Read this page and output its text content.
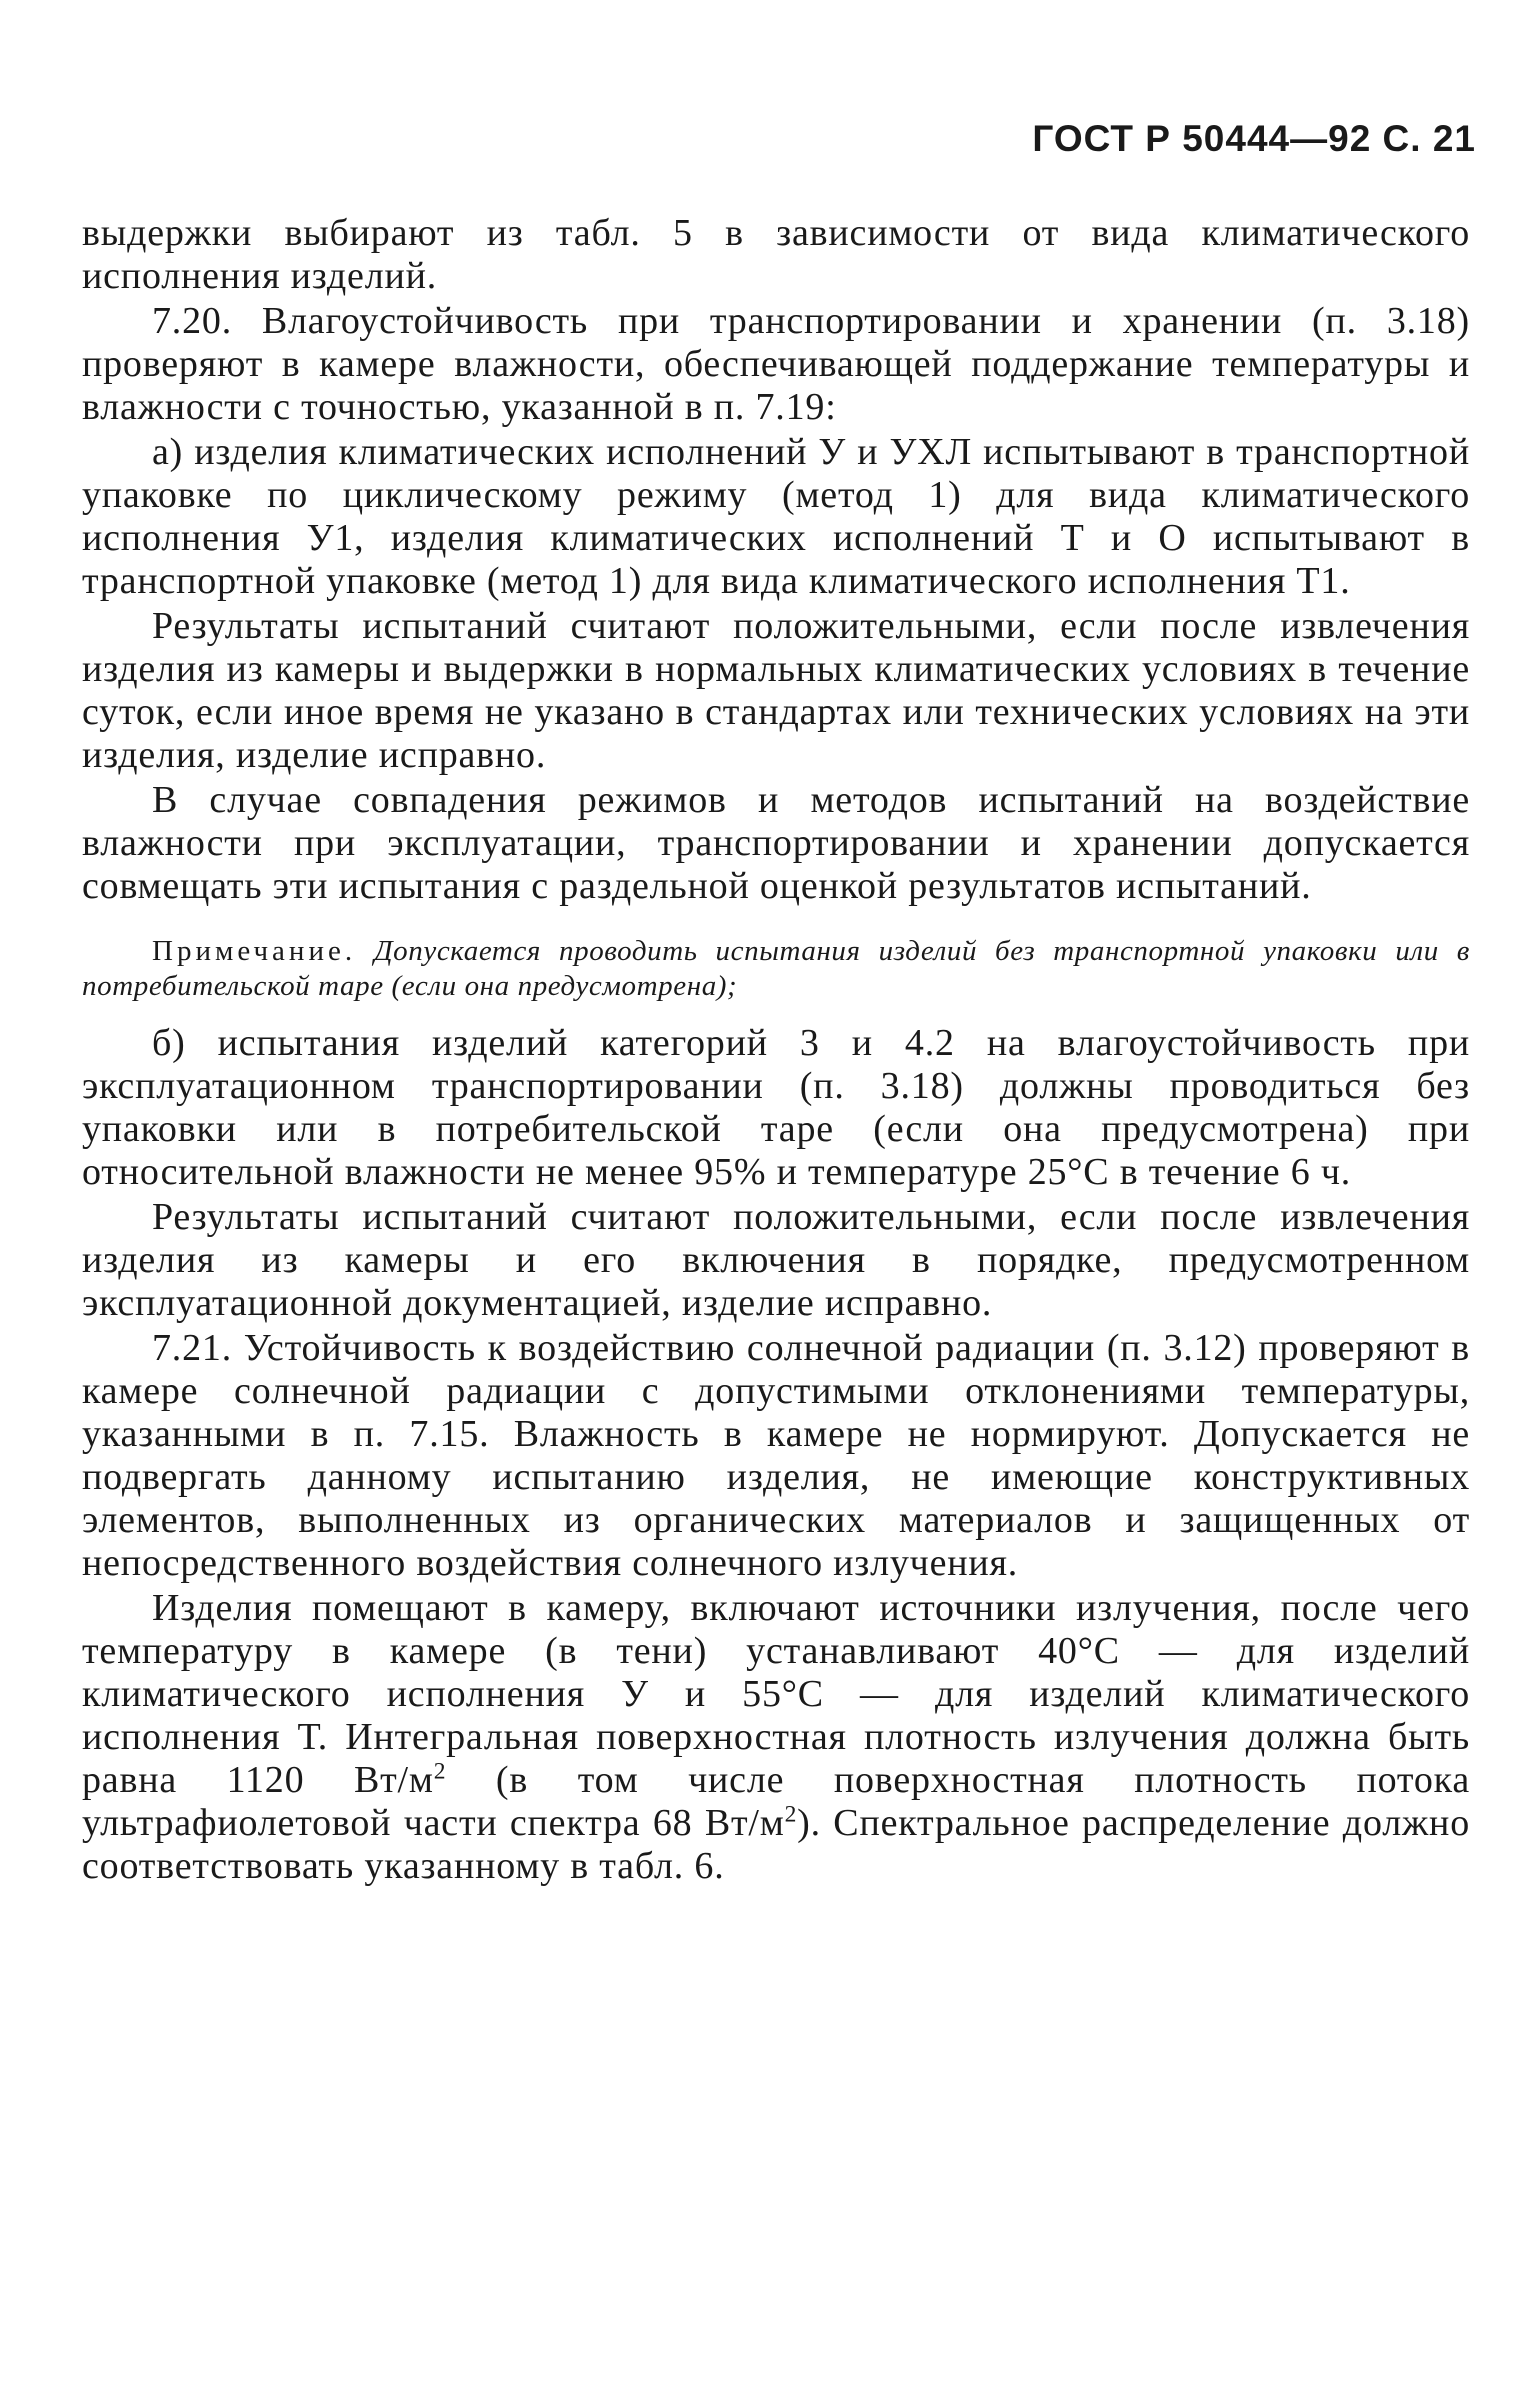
ГОСТ Р 50444—92 С. 21

выдержки выбирают из табл. 5 в зависимости от вида климатического исполнения изделий.

7.20. Влагоустойчивость при транспортировании и хранении (п. 3.18) проверяют в камере влажности, обеспечивающей поддержание температуры и влажности с точностью, указанной в п. 7.19:

а) изделия климатических исполнений У и УХЛ испытывают в транспортной упаковке по циклическому режиму (метод 1) для вида климатического исполнения У1, изделия климатических исполнений Т и О испытывают в транспортной упаковке (метод 1) для вида климатического исполнения Т1.

Результаты испытаний считают положительными, если после извлечения изделия из камеры и выдержки в нормальных климатических условиях в течение суток, если иное время не указано в стандартах или технических условиях на эти изделия, изделие исправно.

В случае совпадения режимов и методов испытаний на воздействие влажности при эксплуатации, транспортировании и хранении допускается совмещать эти испытания с раздельной оценкой результатов испытаний.

Примечание. Допускается проводить испытания изделий без транспортной упаковки или в потребительской таре (если она предусмотрена);

б) испытания изделий категорий 3 и 4.2 на влагоустойчивость при эксплуатационном транспортировании (п. 3.18) должны проводиться без упаковки или в потребительской таре (если она предусмотрена) при относительной влажности не менее 95% и температуре 25°С в течение 6 ч.

Результаты испытаний считают положительными, если после извлечения изделия из камеры и его включения в порядке, предусмотренном эксплуатационной документацией, изделие исправно.

7.21. Устойчивость к воздействию солнечной радиации (п. 3.12) проверяют в камере солнечной радиации с допустимыми отклонениями температуры, указанными в п. 7.15. Влажность в камере не нормируют. Допускается не подвергать данному испытанию изделия, не имеющие конструктивных элементов, выполненных из органических материалов и защищенных от непосредственного воздействия солнечного излучения.

Изделия помещают в камеру, включают источники излучения, после чего температуру в камере (в тени) устанавливают 40°С — для изделий климатического исполнения У и 55°С — для изделий климатического исполнения Т. Интегральная поверхностная плотность излучения должна быть равна 1120 $Вт/м^2$ (в том числе поверхностная плотность потока ультрафиолетовой части спектра 68 $Вт/м^2$). Спектральное распределение должно соответствовать указанному в табл. 6.
